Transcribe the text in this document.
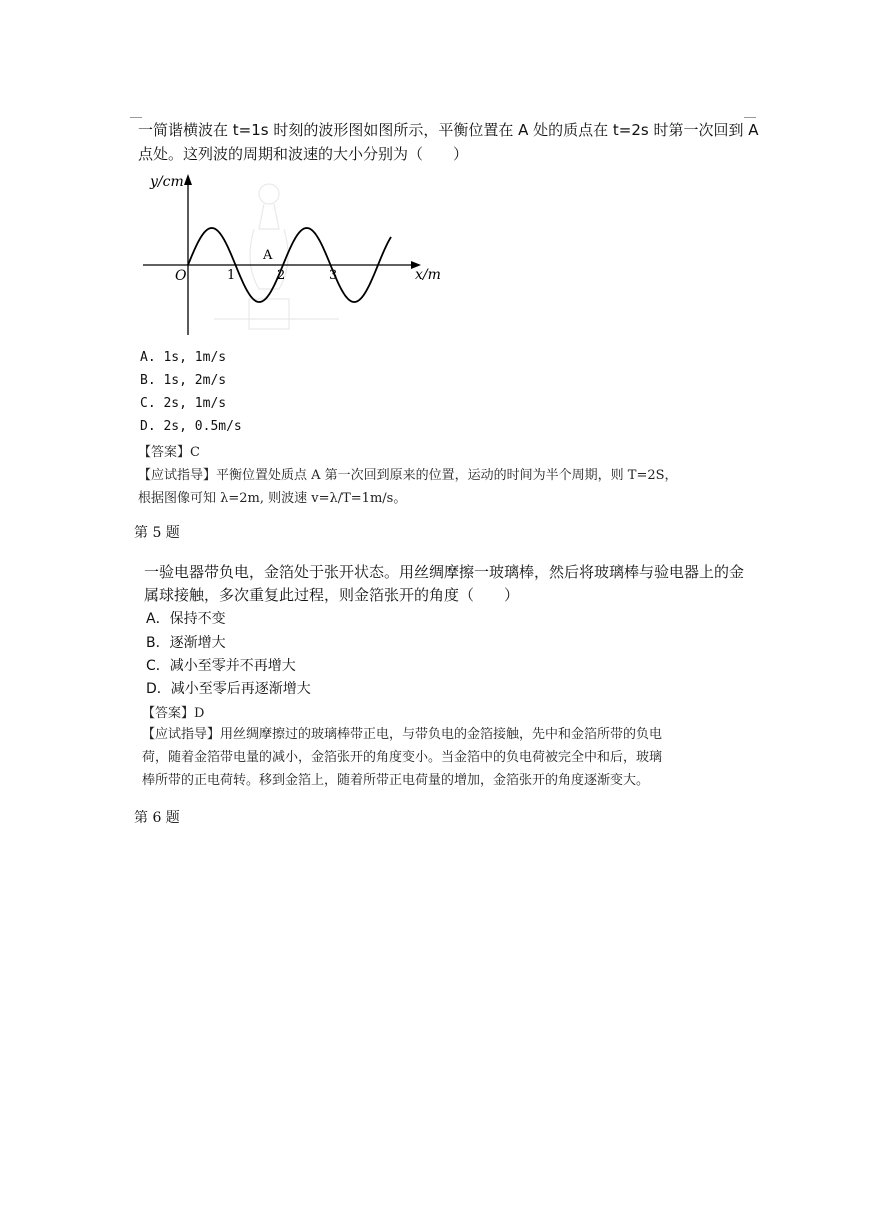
一简谐横波在 t=1s 时刻的波形图如图所示，平衡位置在 A 处的质点在 t=2s 时第一次回到 A
点处。这列波的周期和波速的大小分别为（　　）
y/cm
x/m
O
A
1	2	3
A. 1s, 1m/s
B. 1s, 2m/s
C. 2s, 1m/s
D. 2s, 0.5m/s
【答案】C
【应试指导】平衡位置处质点 A 第一次回到原来的位置，运动的时间为半个周期，则 T=2S，
根据图像可知 λ=2m, 则波速 v=λ/T=1m/s。
第 5 题
一验电器带负电，金箔处于张开状态。用丝绸摩擦一玻璃棒，然后将玻璃棒与验电器上的金
属球接触，多次重复此过程，则金箔张开的角度（　　）
A．保持不变
B．逐渐增大
C．减小至零并不再增大
D．减小至零后再逐渐增大
【答案】D
【应试指导】用丝绸摩擦过的玻璃棒带正电，与带负电的金箔接触，先中和金箔所带的负电
荷，随着金箔带电量的减小，金箔张开的角度变小。当金箔中的负电荷被完全中和后，玻璃
棒所带的正电荷转。移到金箔上，随着所带正电荷量的增加，金箔张开的角度逐渐变大。
第 6 题
